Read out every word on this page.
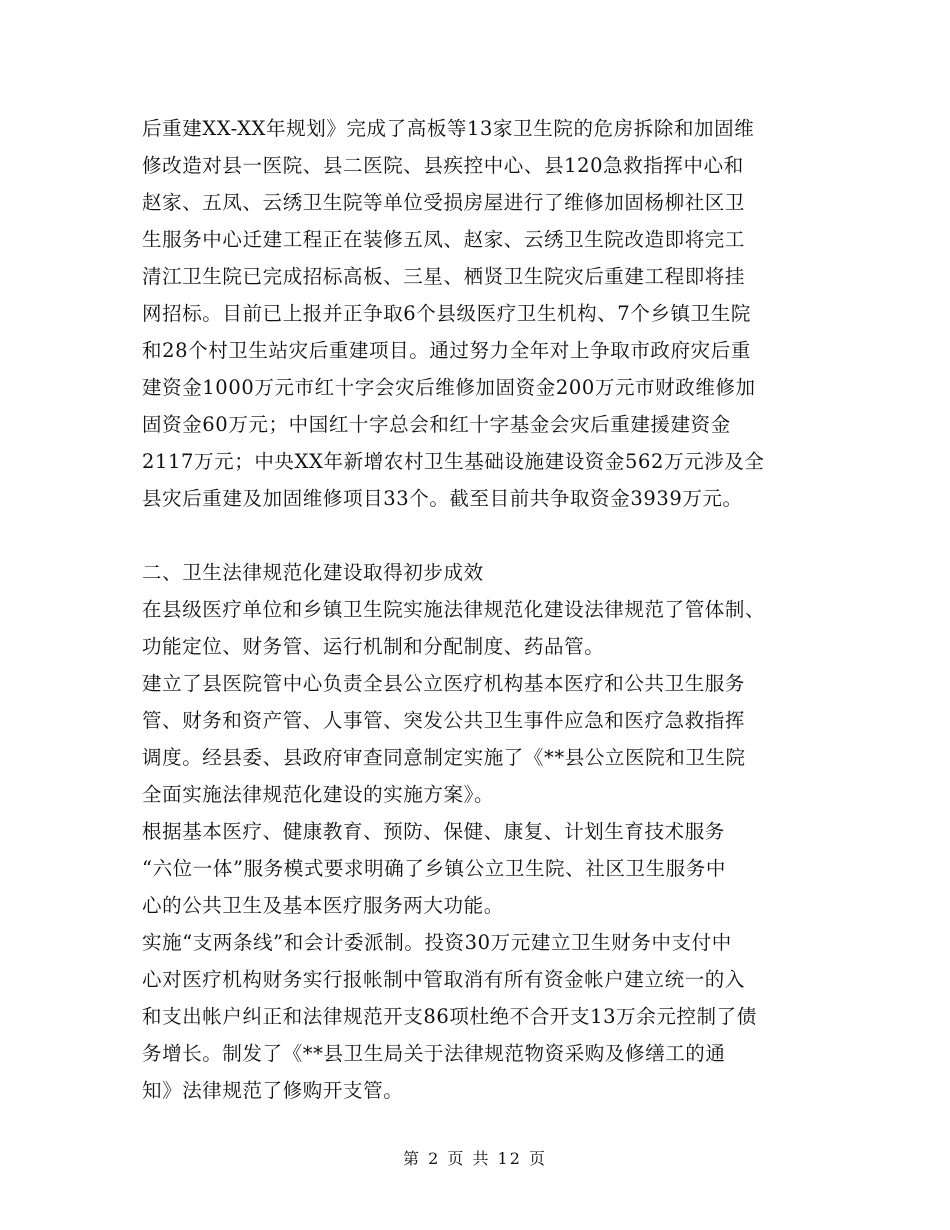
后重建XX-XX年规划》完成了高板等13家卫生院的危房拆除和加固维
修改造对县一医院、县二医院、县疾控中心、县120急救指挥中心和
赵家、五凤、云绣卫生院等单位受损房屋进行了维修加固杨柳社区卫
生服务中心迁建工程正在装修五凤、赵家、云绣卫生院改造即将完工
清江卫生院已完成招标高板、三星、栖贤卫生院灾后重建工程即将挂
网招标。目前已上报并正争取6个县级医疗卫生机构、7个乡镇卫生院
和28个村卫生站灾后重建项目。通过努力全年对上争取市政府灾后重
建资金1000万元市红十字会灾后维修加固资金200万元市财政维修加
固资金60万元；中国红十字总会和红十字基金会灾后重建援建资金
2117万元；中央XX年新增农村卫生基础设施建设资金562万元涉及全
县灾后重建及加固维修项目33个。截至目前共争取资金3939万元。
二、卫生法律规范化建设取得初步成效
在县级医疗单位和乡镇卫生院实施法律规范化建设法律规范了管体制、
功能定位、财务管、运行机制和分配制度、药品管。
建立了县医院管中心负责全县公立医疗机构基本医疗和公共卫生服务
管、财务和资产管、人事管、突发公共卫生事件应急和医疗急救指挥
调度。经县委、县政府审查同意制定实施了《**县公立医院和卫生院
全面实施法律规范化建设的实施方案》。
根据基本医疗、健康教育、预防、保健、康复、计划生育技术服务
“六位一体”服务模式要求明确了乡镇公立卫生院、社区卫生服务中
心的公共卫生及基本医疗服务两大功能。
实施“支两条线”和会计委派制。投资30万元建立卫生财务中支付中
心对医疗机构财务实行报帐制中管取消有所有资金帐户建立统一的入
和支出帐户纠正和法律规范开支86项杜绝不合开支13万余元控制了债
务增长。制发了《**县卫生局关于法律规范物资采购及修缮工的通
知》法律规范了修购开支管。
第 2 页 共 12 页
